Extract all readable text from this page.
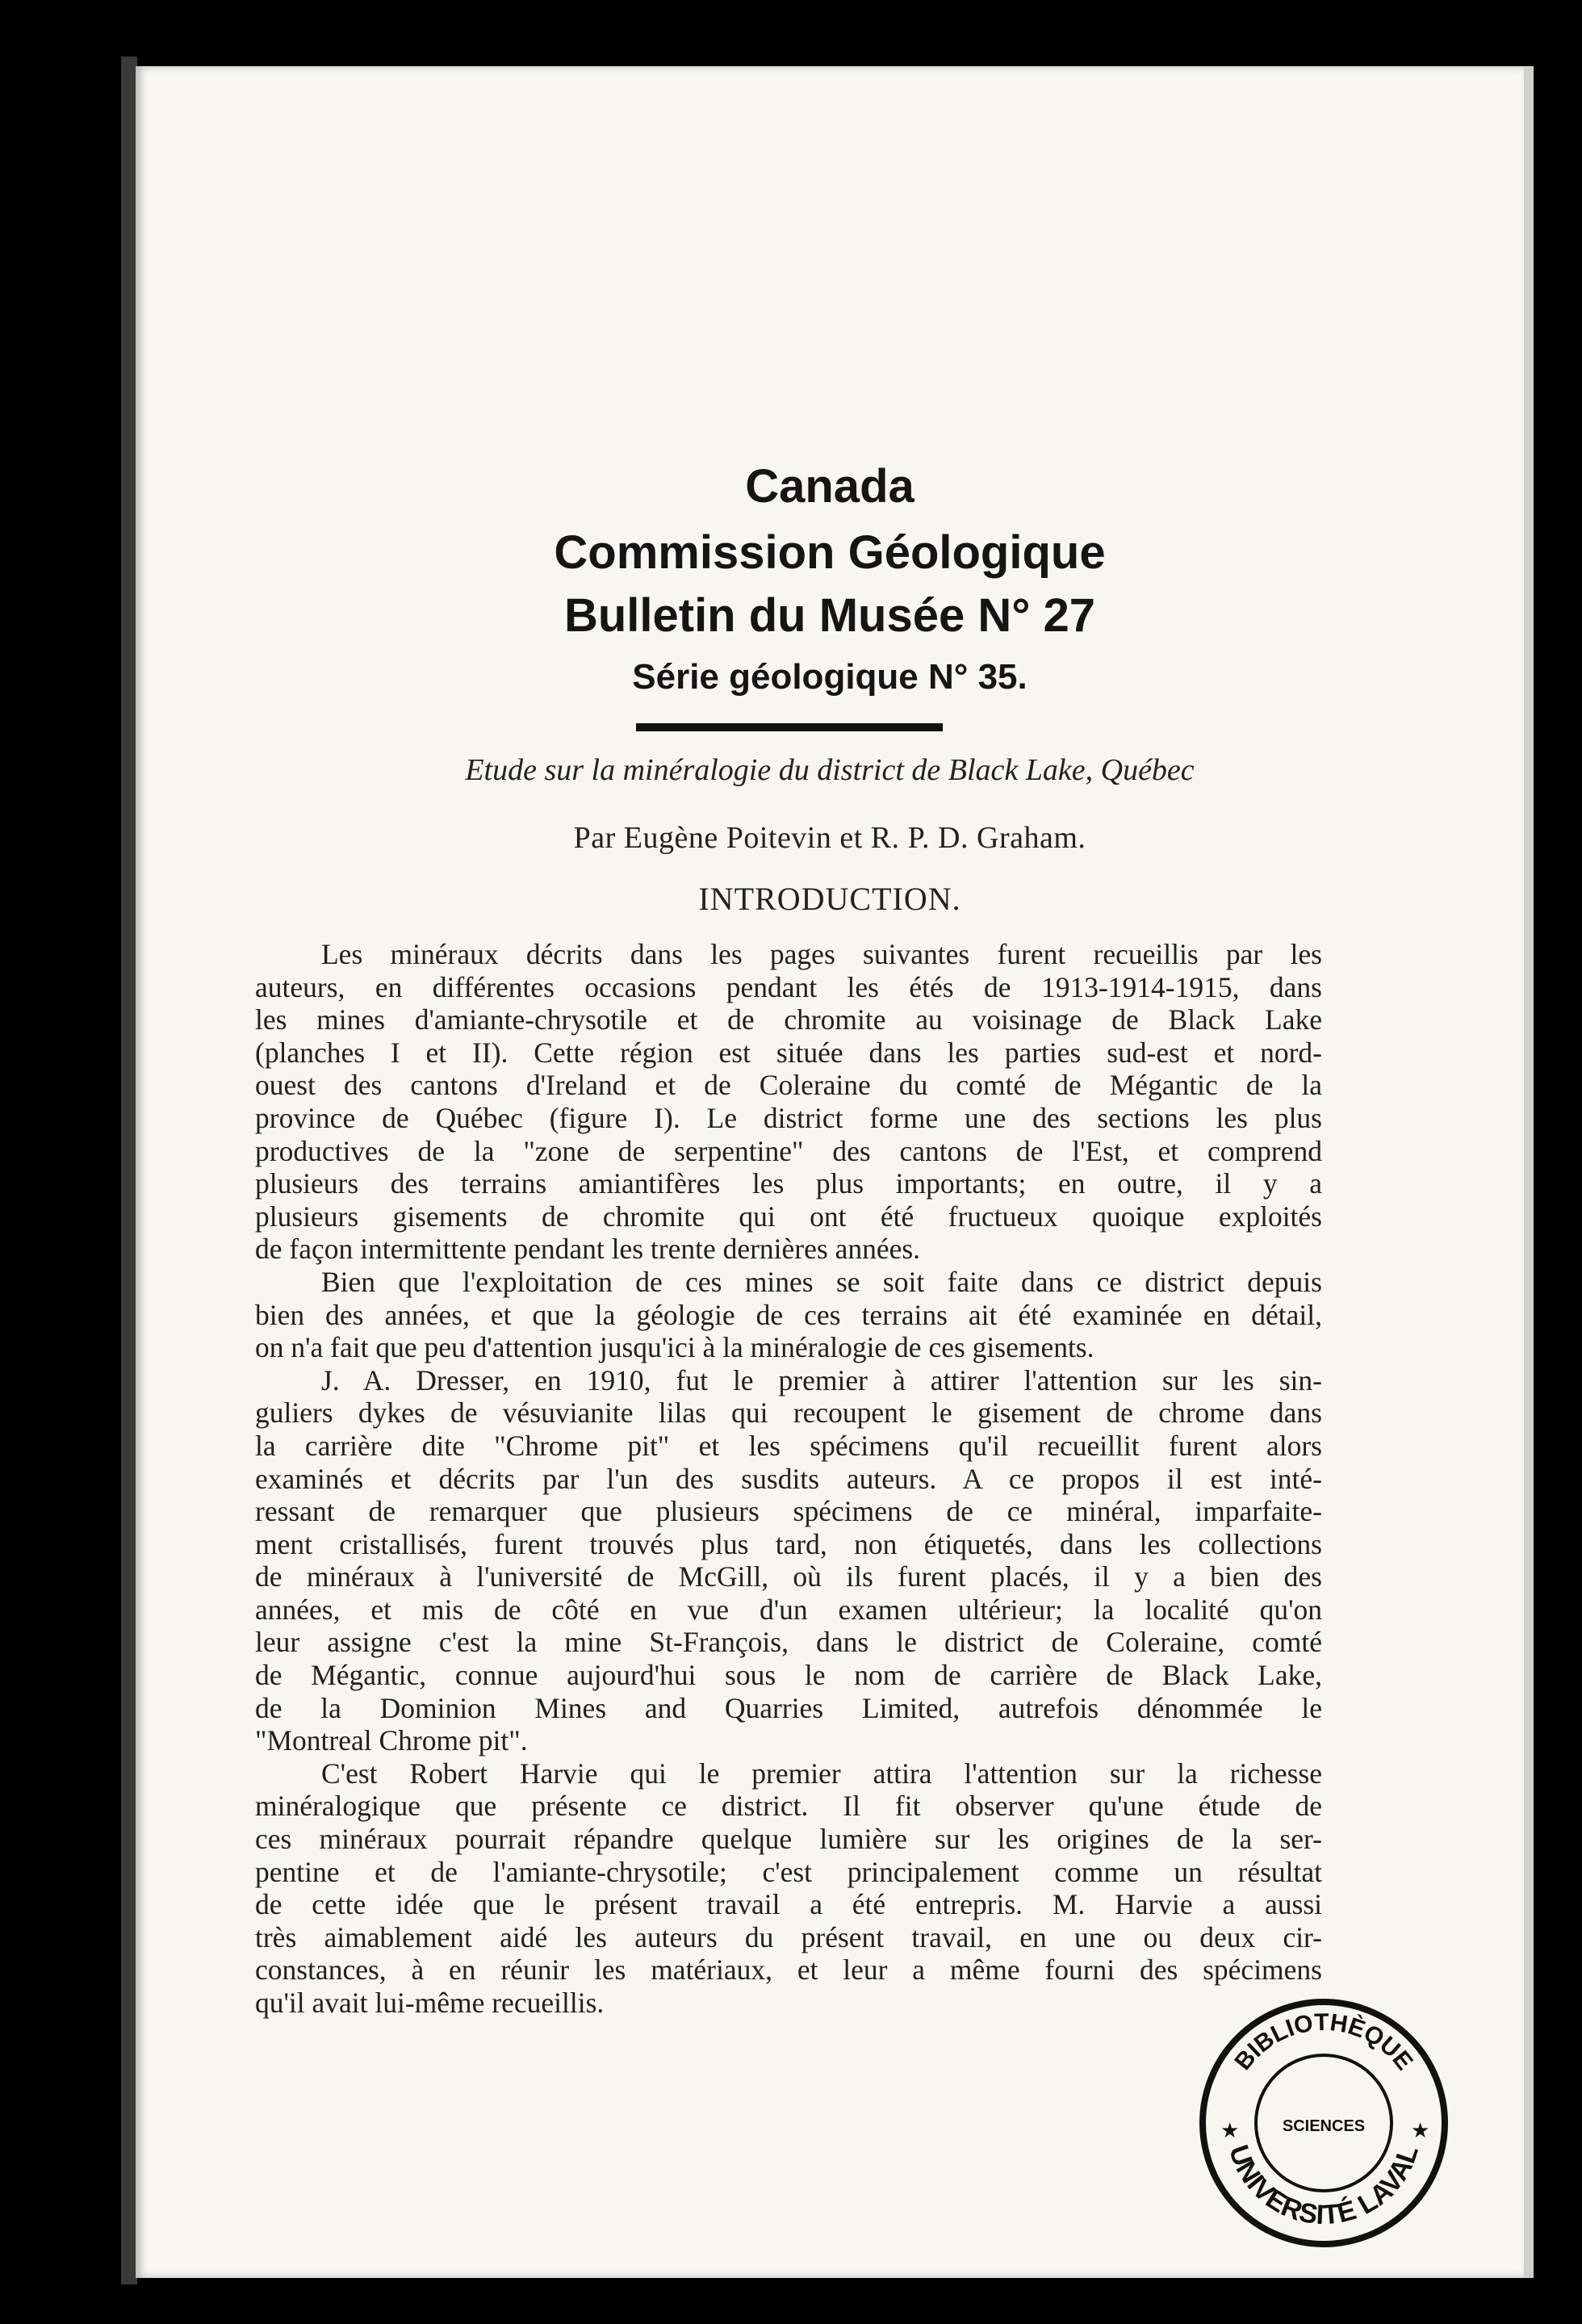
Canada
Commission Géologique
Bulletin du Musée N° 27
Série géologique N° 35.
Etude sur la minéralogie du district de Black Lake, Québec
Par Eugène Poitevin et R. P. D. Graham.
INTRODUCTION.
Les minéraux décrits dans les pages suivantes furent recueillis par les
auteurs, en différentes occasions pendant les étés de 1913-1914-1915, dans
les mines d'amiante-chrysotile et de chromite au voisinage de Black Lake
(planches I et II). Cette région est située dans les parties sud-est et nord-
ouest des cantons d'Ireland et de Coleraine du comté de Mégantic de la
province de Québec (figure I). Le district forme une des sections les plus
productives de la "zone de serpentine" des cantons de l'Est, et comprend
plusieurs des terrains amiantifères les plus importants; en outre, il y a
plusieurs gisements de chromite qui ont été fructueux quoique exploités
de façon intermittente pendant les trente dernières années.
Bien que l'exploitation de ces mines se soit faite dans ce district depuis
bien des années, et que la géologie de ces terrains ait été examinée en détail,
on n'a fait que peu d'attention jusqu'ici à la minéralogie de ces gisements.
J. A. Dresser, en 1910, fut le premier à attirer l'attention sur les sin-
guliers dykes de vésuvianite lilas qui recoupent le gisement de chrome dans
la carrière dite "Chrome pit" et les spécimens qu'il recueillit furent alors
examinés et décrits par l'un des susdits auteurs. A ce propos il est inté-
ressant de remarquer que plusieurs spécimens de ce minéral, imparfaite-
ment cristallisés, furent trouvés plus tard, non étiquetés, dans les collections
de minéraux à l'université de McGill, où ils furent placés, il y a bien des
années, et mis de côté en vue d'un examen ultérieur; la localité qu'on
leur assigne c'est la mine St-François, dans le district de Coleraine, comté
de Mégantic, connue aujourd'hui sous le nom de carrière de Black Lake,
de la Dominion Mines and Quarries Limited, autrefois dénommée le
"Montreal Chrome pit".
C'est Robert Harvie qui le premier attira l'attention sur la richesse
minéralogique que présente ce district. Il fit observer qu'une étude de
ces minéraux pourrait répandre quelque lumière sur les origines de la ser-
pentine et de l'amiante-chrysotile; c'est principalement comme un résultat
de cette idée que le présent travail a été entrepris. M. Harvie a aussi
très aimablement aidé les auteurs du présent travail, en une ou deux cir-
constances, à en réunir les matériaux, et leur a même fourni des spécimens
qu'il avait lui-même recueillis.
BIBLIOTHÈQUE
SCIENCES
UNIVERSITÉ LAVAL
★	★
